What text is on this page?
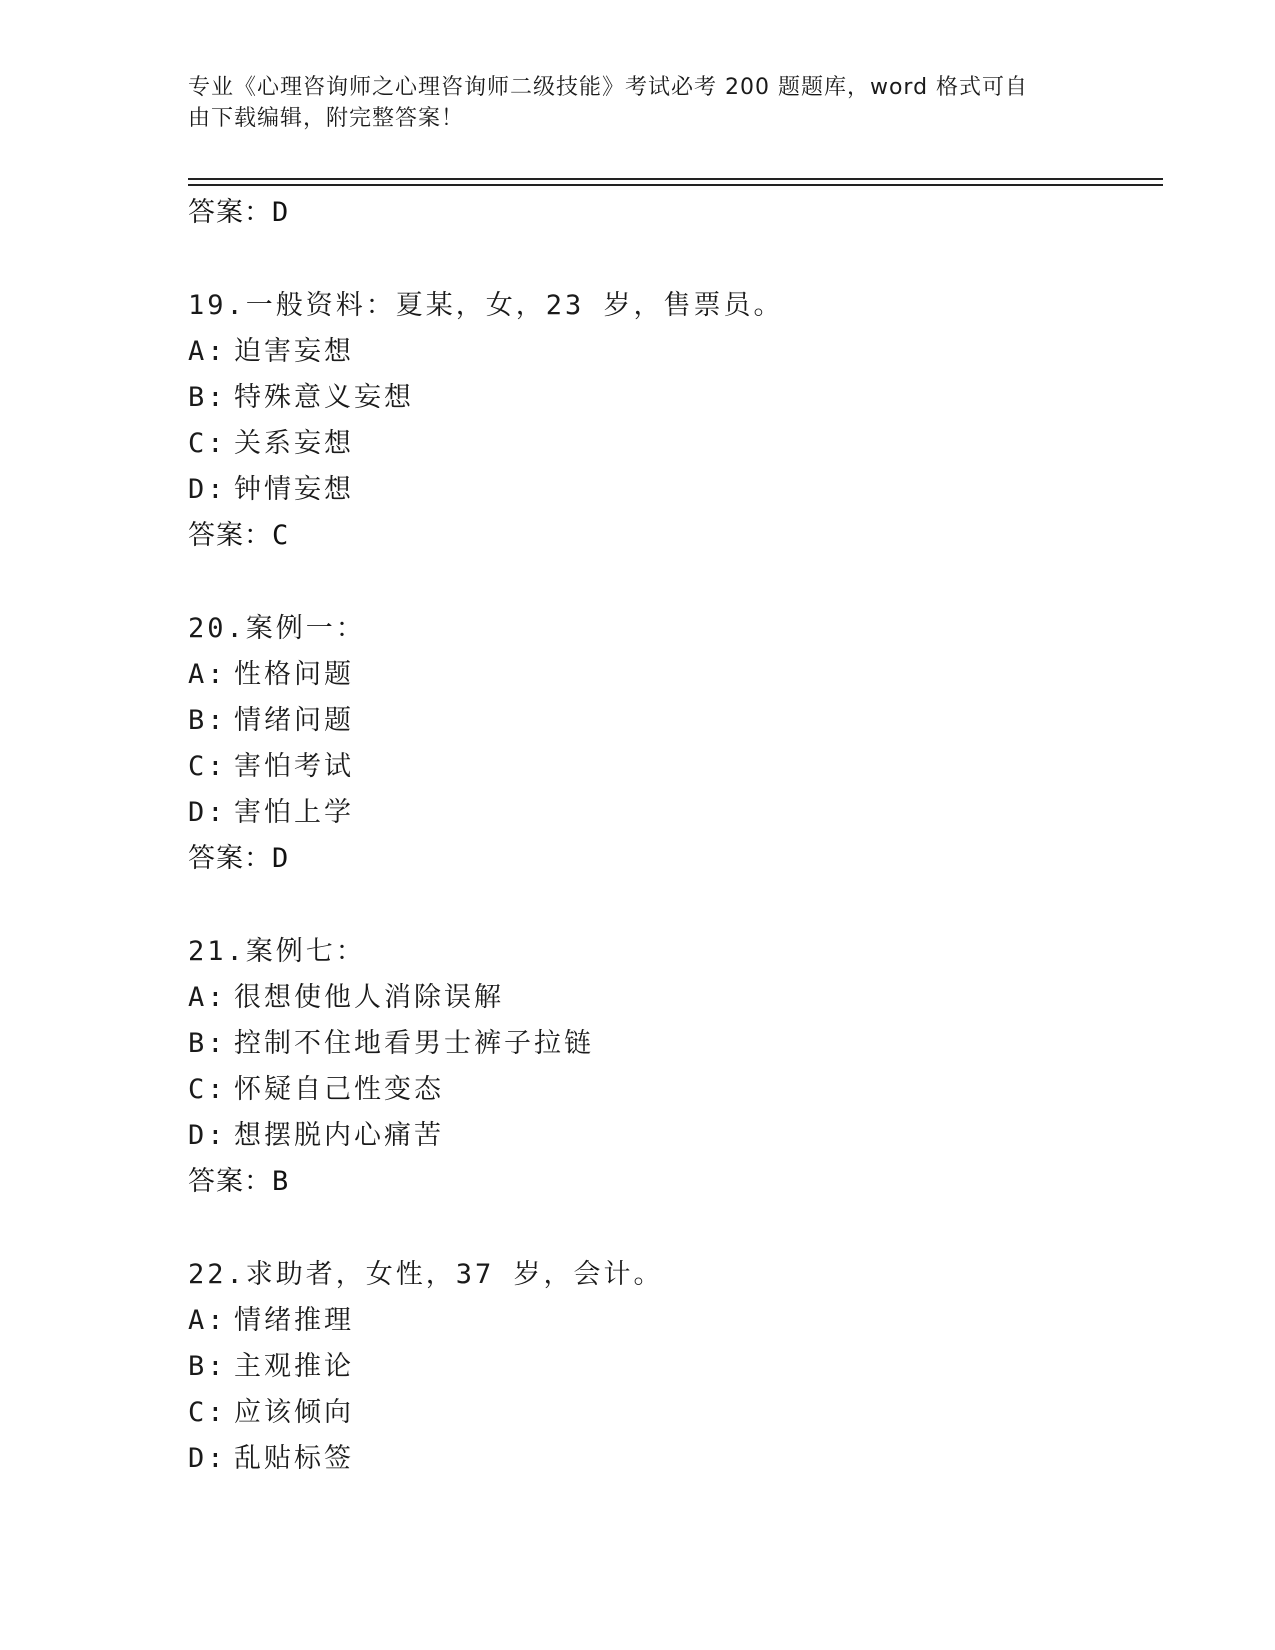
专业《心理咨询师之心理咨询师二级技能》考试必考 200 题题库，word 格式可自
由下载编辑，附完整答案！
答案：D
19.一般资料：夏某，女，23 岁，售票员。
A: 迫害妄想
B: 特殊意义妄想
C: 关系妄想
D: 钟情妄想
答案：C
20.案例一：
A: 性格问题
B: 情绪问题
C: 害怕考试
D: 害怕上学
答案：D
21.案例七：
A: 很想使他人消除误解
B: 控制不住地看男士裤子拉链
C: 怀疑自己性变态
D: 想摆脱内心痛苦
答案：B
22.求助者，女性，37 岁，会计。
A: 情绪推理
B: 主观推论
C: 应该倾向
D: 乱贴标签
